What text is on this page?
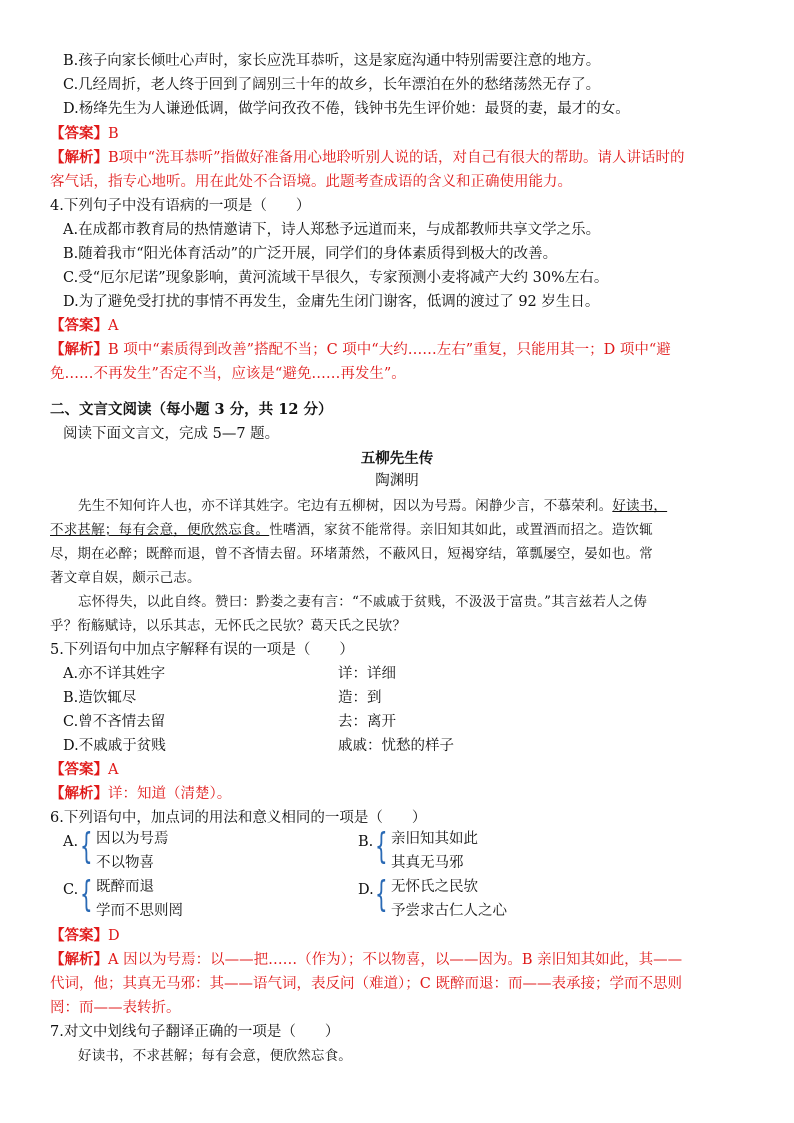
B.孩子向家长倾吐心声时，家长应洗耳恭听，这是家庭沟通中特别需要注意的地方。
C.几经周折，老人终于回到了阔别三十年的故乡，长年漂泊在外的愁绪荡然无存了。
D.杨绛先生为人谦逊低调，做学问孜孜不倦，钱钟书先生评价她：最贤的妻，最才的女。
【答案】B
【解析】B项中“洗耳恭听”指做好准备用心地聆听别人说的话，对自己有很大的帮助。请人讲话时的
客气话，指专心地听。用在此处不合语境。此题考查成语的含义和正确使用能力。
4.下列句子中没有语病的一项是（　　）
A.在成都市教育局的热情邀请下，诗人郑愁予远道而来，与成都教师共享文学之乐。
B.随着我市“阳光体育活动”的广泛开展，同学们的身体素质得到极大的改善。
C.受“厄尔尼诺”现象影响，黄河流域干旱很久，专家预测小麦将减产大约 30%左右。
D.为了避免受打扰的事情不再发生，金庸先生闭门谢客，低调的渡过了 92 岁生日。
【答案】A
【解析】B 项中“素质得到改善”搭配不当；C 项中“大约……左右”重复，只能用其一；D 项中“避
免……不再发生”否定不当，应该是“避免……再发生”。
二、文言文阅读（每小题 3 分，共 12 分）
阅读下面文言文，完成 5—7 题。
五柳先生传
陶渊明
先生不知何许人也，亦不详其姓字。宅边有五柳树，因以为号焉。闲静少言，不慕荣利。好读书，
不求甚解；每有会意，便欣然忘食。性嗜酒，家贫不能常得。亲旧知其如此，或置酒而招之。造饮辄
尽，期在必醉；既醉而退，曾不吝情去留。环堵萧然，不蔽风日，短褐穿结，箪瓢屡空，晏如也。常
著文章自娱，颇示己志。
忘怀得失，以此自终。赞曰：黔娄之妻有言：“不戚戚于贫贱，不汲汲于富贵。”其言兹若人之俦
乎？衔觞赋诗，以乐其志，无怀氏之民欤？葛天氏之民欤？
5.下列语句中加点字解释有误的一项是（　　）
A.亦不详其姓字	详：详细
B.造饮辄尽	造：到
C.曾不吝情去留	去：离开
D.不戚戚于贫贱	戚戚：忧愁的样子
【答案】A
【解析】详：知道（清楚）。
6.下列语句中，加点词的用法和意义相同的一项是（　　）
A. { 因以为号焉
不以物喜
B. { 亲旧知其如此
其真无马邪
C. { 既醉而退
学而不思则罔
D. { 无怀氏之民欤
予尝求古仁人之心
【答案】D
【解析】A 因以为号焉：以——把……（作为）；不以物喜，以——因为。B 亲旧知其如此，其——
代词，他；其真无马邪：其——语气词，表反问（难道）；C 既醉而退：而——表承接；学而不思则
罔：而——表转折。
7.对文中划线句子翻译正确的一项是（　　）
好读书，不求甚解；每有会意，便欣然忘食。
